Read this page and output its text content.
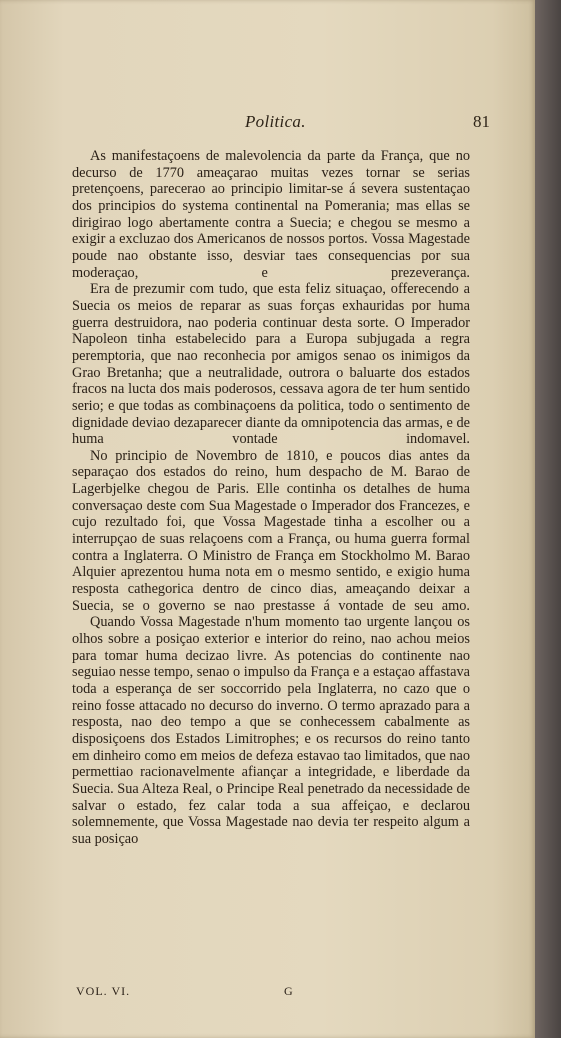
Politica.	81

As manifestaçoens de malevolencia da parte da França, que no decurso de 1770 ameaçarao muitas vezes tornar se serias pretençoens, parecerao ao principio limitar-se á severa sustentaçao dos principios do systema continental na Pomerania; mas ellas se dirigirao logo abertamente contra a Suecia; e chegou se mesmo a exigir a excluzao dos Americanos de nossos portos. Vossa Magestade poude nao obstante isso, desviar taes consequencias por sua moderaçao, e prezeverança.

Era de prezumir com tudo, que esta feliz situaçao, offerecendo a Suecia os meios de reparar as suas forças exhauridas por huma guerra destruidora, nao poderia continuar desta sorte. O Imperador Napoleon tinha estabelecido para a Europa subjugada a regra peremptoria, que nao reconhecia por amigos senao os inimigos da Grao Bretanha; que a neutralidade, outrora o baluarte dos estados fracos na lucta dos mais poderosos, cessava agora de ter hum sentido serio; e que todas as combinaçoens da politica, todo o sentimento de dignidade deviao dezaparecer diante da omnipotencia das armas, e de huma vontade indomavel.

No principio de Novembro de 1810, e poucos dias antes da separaçao dos estados do reino, hum despacho de M. Barao de Lagerbjelke chegou de Paris. Elle continha os detalhes de huma conversaçao deste com Sua Magestade o Imperador dos Francezes, e cujo rezultado foi, que Vossa Magestade tinha a escolher ou a interrupçao de suas relaçoens com a França, ou huma guerra formal contra a Inglaterra. O Ministro de França em Stockholmo M. Barao Alquier aprezentou huma nota em o mesmo sentido, e exigio huma resposta cathegorica dentro de cinco dias, ameaçando deixar a Suecia, se o governo se nao prestasse á vontade de seu amo.

Quando Vossa Magestade n'hum momento tao urgente lançou os olhos sobre a posiçao exterior e interior do reino, nao achou meios para tomar huma decizao livre. As potencias do continente nao seguiao nesse tempo, senao o impulso da França e a estaçao affastava toda a esperança de ser soccorrido pela Inglaterra, no cazo que o reino fosse attacado no decurso do inverno. O termo aprazado para a resposta, nao deo tempo a que se conhecessem cabalmente as disposiçoens dos Estados Limitrophes; e os recursos do reino tanto em dinheiro como em meios de defeza estavao tao limitados, que nao permettiao racionavelmente afiançar a integridade, e liberdade da Suecia. Sua Alteza Real, o Principe Real penetrado da necessidade de salvar o estado, fez calar toda a sua affeiçao, e declarou solemnemente, que Vossa Magestade nao devia ter respeito algum a sua posiçao

VOL. VI.	G
